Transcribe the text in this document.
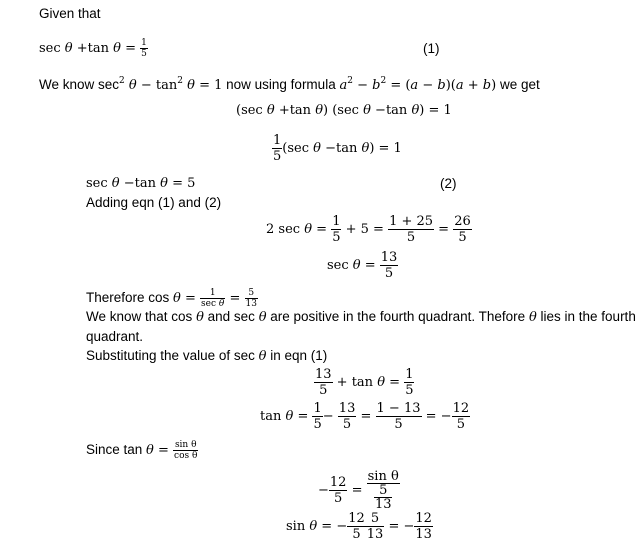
Given that
sec θ +tan $\theta = \frac{1}{5}$	(1)
We know $\sec^2 \theta - \tan^2 \theta = 1$ now using formula $a^2 - b^2 = (a - b)(a + b)$ we get
(sec θ +tan θ) (sec θ −tan θ) = 1
$\frac{1}{5} (\sec$ θ −tan θ) = 1
sec θ −tan θ = 5	(2)
Adding eqn (1) and (2)
2 $\sec \theta = \frac{1}{5} + 5 = \frac{1 + 25}{5} = \frac{26}{5}$
$\sec \theta = \frac{13}{5}$
Therefore cos θ =	1
$\sec \theta = \frac{5}{13}$
We know that cos θ and sec θ are positive in the fourth quadrant. Thefore θ lies in the fourth
quadrant.
Substituting the value of sec θ in eqn (1)
$\frac{13}{5} + \tan \theta = \frac{1}{5}$
$\tan \theta = \frac{1}{5} - \frac{13}{5} = \frac{1 - 13}{5}$ = − $\frac{12}{5}$
Since $\tan \theta = \frac{\text{sin θ}}{\text{cos θ}}$
− $\frac{12}{5} = \frac{\text{sin θ}}{\frac{5}{13}}$
sin θ = − $\frac{12}{5} \frac{5}{13}$ = − $\frac{12}{13}$
